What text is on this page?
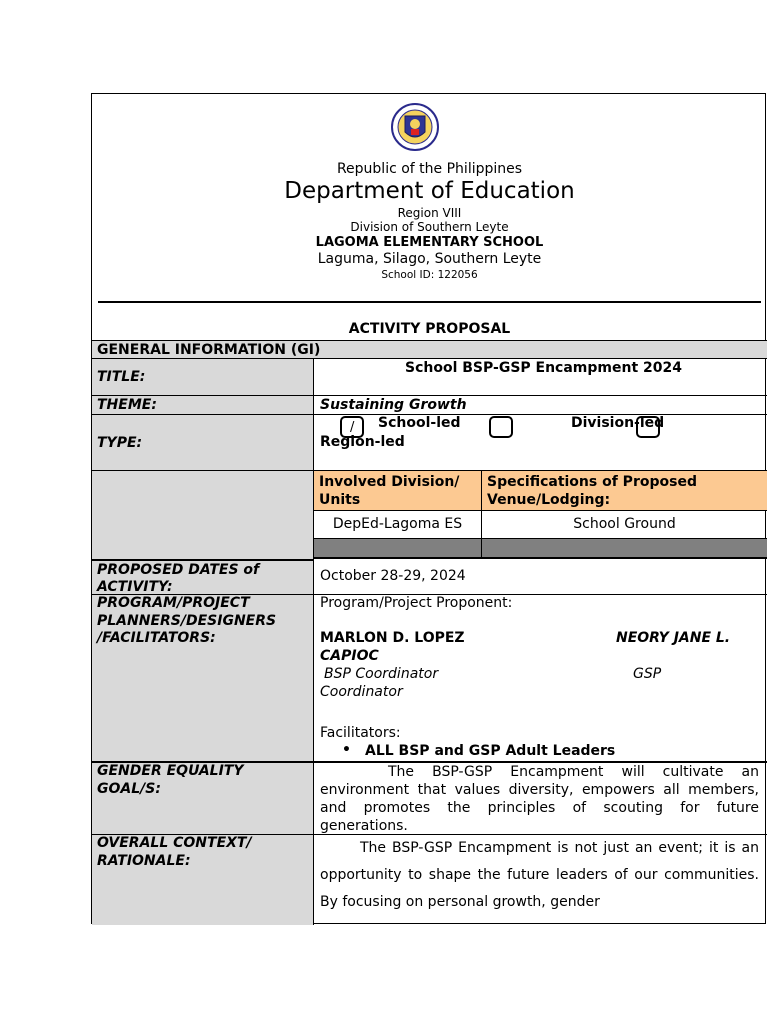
Republic of the Philippines
Department of Education
Region VIII
Division of Southern Leyte
LAGOMA ELEMENTARY SCHOOL
Laguma, Silago, Southern Leyte
School ID: 122056
ACTIVITY PROPOSAL
GENERAL INFORMATION (GI)
TITLE:
School BSP-GSP Encampment 2024
THEME:	Sustaining Growth
TYPE:
/ School-led	Division-led
Region-led
Involved Division/ Units
Specifications of Proposed Venue/Lodging:
DepEd-Lagoma ES	School Ground
PROPOSED DATES of ACTIVITY:
October 28-29, 2024
PROGRAM/PROJECT PLANNERS/DESIGNERS /FACILITATORS:
Program/Project Proponent:
MARLON D. LOPEZ	NEORY JANE L.
CAPIOC
BSP Coordinator	GSP
Coordinator
Facilitators:
• ALL BSP and GSP Adult Leaders
GENDER EQUALITY GOAL/S:
The BSP-GSP Encampment will cultivate an environment that values diversity, empowers all members, and promotes the principles of scouting for future generations.
OVERALL CONTEXT/ RATIONALE:
The BSP-GSP Encampment is not just an event; it is an opportunity to shape the future leaders of our communities. By focusing on personal growth, gender
